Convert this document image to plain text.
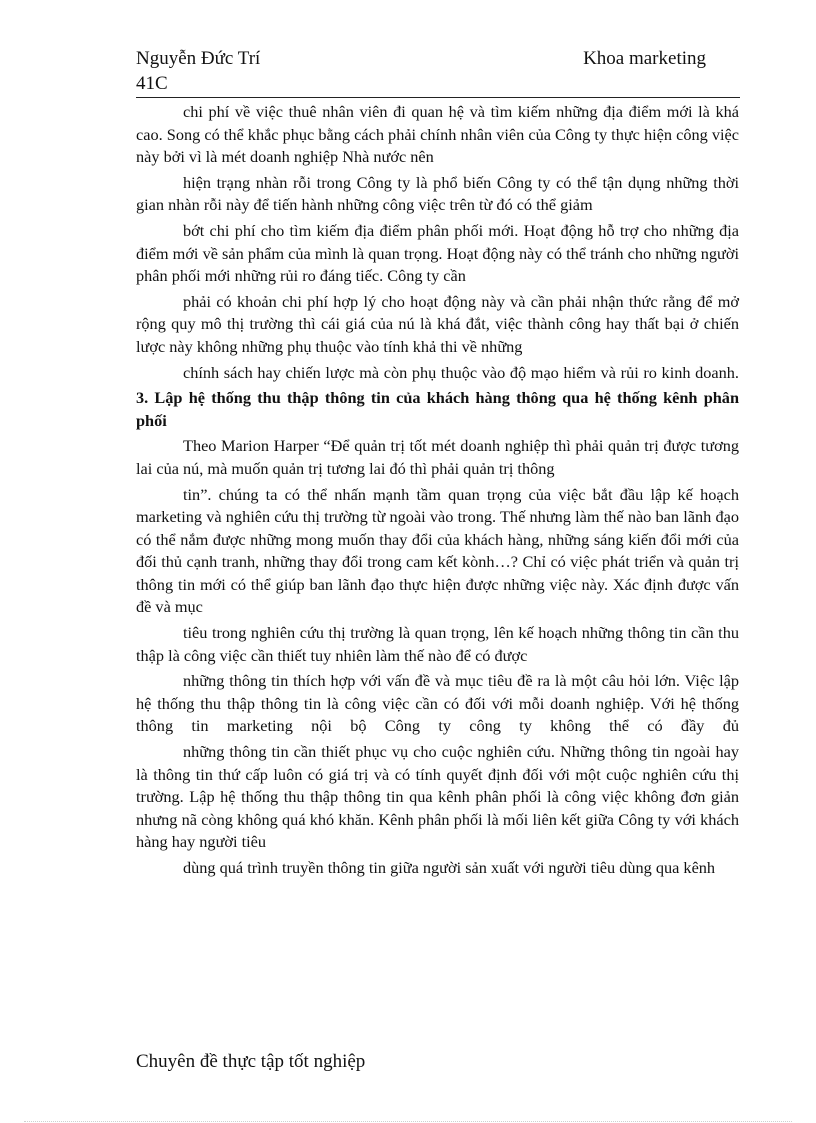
Nguyễn Đức Trí	Khoa marketing
41C

chi phí về việc thuê nhân viên đi quan hệ và tìm kiếm những địa điểm mới là khá cao. Song có thể khắc phục bằng cách phải chính nhân viên của Công ty thực hiện công việc này bởi vì là mét doanh nghiệp Nhà nước nên

hiện trạng nhàn rỗi trong Công ty là phổ biến Công ty có thể tận dụng những thời gian nhàn rỗi này để tiến hành những công việc trên từ đó có thể giảm

bớt chi phí cho tìm kiếm địa điểm phân phối mới. Hoạt động hỗ trợ cho những địa điểm mới về sản phẩm của mình là quan trọng. Hoạt động này có thể tránh cho những người phân phối mới những rủi ro đáng tiếc. Công ty cần

phải có khoản chi phí hợp lý cho hoạt động này và cần phải nhận thức rằng để mở rộng quy mô thị trường thì cái giá của nú là khá đắt, việc thành công hay thất bại ở chiến lược này không những phụ thuộc vào tính khả thi về những

chính sách hay chiến lược mà còn phụ thuộc vào độ mạo hiểm và rủi ro kinh doanh.

3. Lập hệ thống thu thập thông tin của khách hàng thông qua hệ thống kênh phân phối

Theo Marion Harper “Để quản trị tốt mét doanh nghiệp thì phải quản trị được tương lai của nú, mà muốn quản trị tương lai đó thì phải quản trị thông

tin”. chúng ta có thể nhấn mạnh tầm quan trọng của việc bắt đầu lập kế hoạch marketing và nghiên cứu thị trường từ ngoài vào trong. Thế nhưng làm thế nào ban lãnh đạo có thể nắm được những mong muốn thay đổi của khách hàng, những sáng kiến đổi mới của đối thủ cạnh tranh, những thay đổi trong cam kết kònh…? Chỉ có việc phát triển và quản trị thông tin mới có thể giúp ban lãnh đạo thực hiện được những việc này. Xác định được vấn đề và mục

tiêu trong nghiên cứu thị trường là quan trọng, lên kế hoạch những thông tin cần thu thập là công việc cần thiết tuy nhiên làm thế nào để có được

những thông tin thích hợp với vấn đề và mục tiêu đề ra là một câu hỏi lớn. Việc lập hệ thống thu thập thông tin là công việc cần có đối với mỗi doanh nghiệp. Với hệ thống thông tin marketing nội bộ Công ty công ty không thể có đầy đủ

những thông tin cần thiết phục vụ cho cuộc nghiên cứu. Những thông tin ngoài hay là thông tin thứ cấp luôn có giá trị và có tính quyết định đối với một cuộc nghiên cứu thị trường. Lập hệ thống thu thập thông tin qua kênh phân phối là công việc không đơn giản nhưng nã còng không quá khó khăn. Kênh phân phối là mối liên kết giữa Công ty với khách hàng hay người tiêu

dùng quá trình truyền thông tin giữa người sản xuất với người tiêu dùng qua kênh

Chuyên đề thực tập tốt nghiệp
